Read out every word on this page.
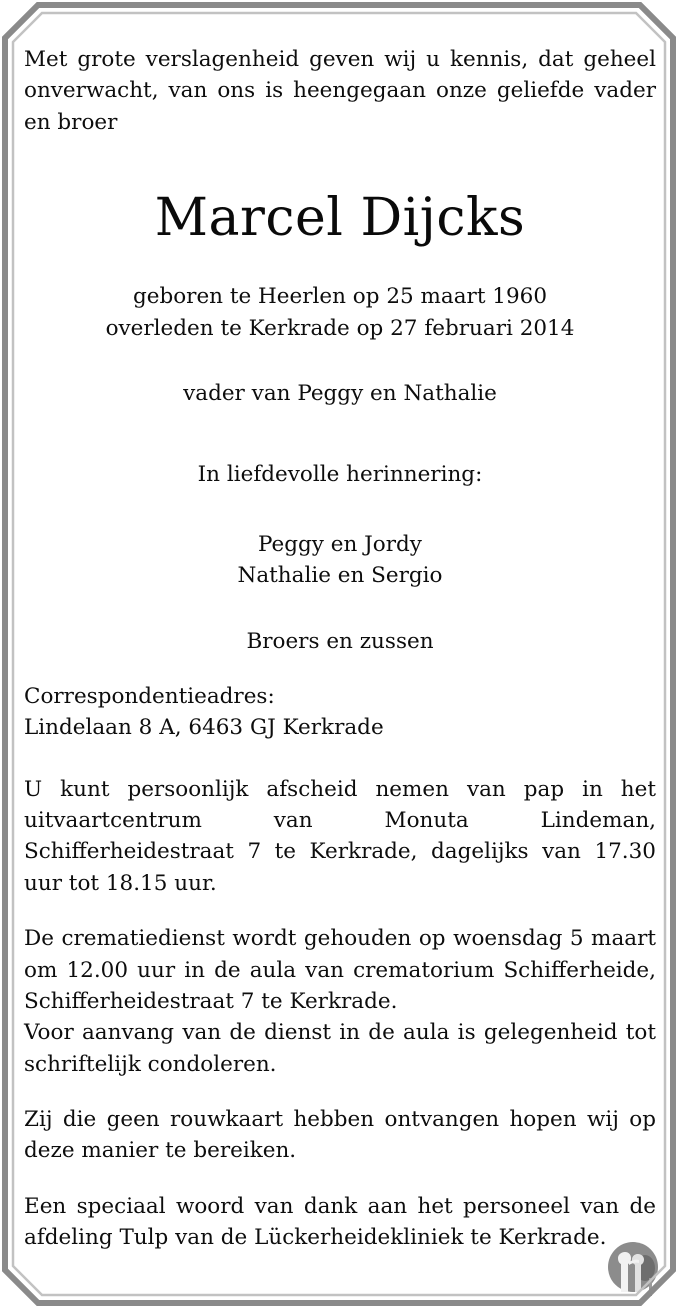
Met grote verslagenheid geven wij u kennis, dat geheel onverwacht, van ons is heengegaan onze geliefde vader en broer

Marcel Dijcks

geboren te Heerlen op 25 maart 1960

overleden te Kerkrade op 27 februari 2014

vader van Peggy en Nathalie

In liefdevolle herinnering:

Peggy en Jordy

Nathalie en Sergio

Broers en zussen

Correspondentieadres:

Lindelaan 8 A, 6463 GJ Kerkrade

U kunt persoonlijk afscheid nemen van pap in het uitvaartcentrum van Monuta Lindeman, Schifferheidestraat 7 te Kerkrade, dagelijks van 17.30 uur tot 18.15 uur.

De crematiedienst wordt gehouden op woensdag 5 maart om 12.00 uur in de aula van crematorium Schifferheide, Schifferheidestraat 7 te Kerkrade.

Voor aanvang van de dienst in de aula is gelegenheid tot schriftelijk condoleren.

Zij die geen rouwkaart hebben ontvangen hopen wij op deze manier te bereiken.

Een speciaal woord van dank aan het personeel van de afdeling Tulp van de Lückerheidekliniek te Kerkrade.
